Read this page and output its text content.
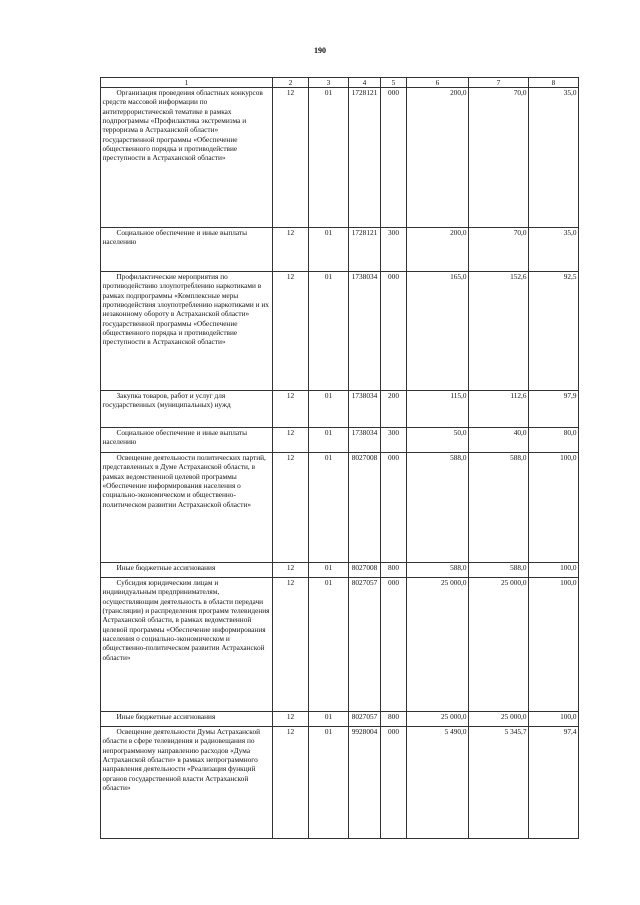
190
1	2	3	4	5	6	7	8
Организация проведения областных конкурсов средств массовой информации по антитеррористической тематике в рамках подпрограммы «Профилактика экстремизма и терроризма в Астраханской области» государственной программы «Обеспечение общественного порядка и противодействие преступности в Астраханской области»	12	01	1728121	000	200,0	70,0	35,0
Социальное обеспечение и иные выплаты населению	12	01	1728121	300	200,0	70,0	35,0
Профилактические мероприятия по противодействию злоупотреблению наркотиками в рамках подпрограммы «Комплексные меры противодействия злоупотреблению наркотиками и их незаконному обороту в Астраханской области» государственной программы «Обеспечение общественного порядка и противодействие преступности в Астраханской области»	12	01	1738034	000	165,0	152,6	92,5
Закупка товаров, работ и услуг для государственных (муниципальных) нужд	12	01	1738034	200	115,0	112,6	97,9
Социальное обеспечение и иные выплаты населению	12	01	1738034	300	50,0	40,0	80,0
Освещение деятельности политических партий, представленных в Думе Астраханской области, в рамках ведомственной целевой программы «Обеспечение информирования населения о социально-экономическом и общественно-политическом развитии Астраханской области»	12	01	8027008	000	588,0	588,0	100,0
Иные бюджетные ассигнования	12	01	8027008	800	588,0	588,0	100,0
Субсидия юридическим лицам и индивидуальным предпринимателям, осуществляющим деятельность в области передачи (трансляции) и распределения программ телевидения Астраханской области, в рамках ведомственной целевой программы «Обеспечение информирования населения о социально-экономическом и общественно-политическом развитии Астраханской области»	12	01	8027057	000	25 000,0	25 000,0	100,0
Иные бюджетные ассигнования	12	01	8027057	800	25 000,0	25 000,0	100,0
Освещение деятельности Думы Астраханской области в сфере телевидения и радиовещания по непрограммному направлению расходов «Дума Астраханской области» в рамках непрограммного направления деятельности «Реализация функций органов государственной власти Астраханской области»	12	01	9928004	000	5 490,0	5 345,7	97,4
